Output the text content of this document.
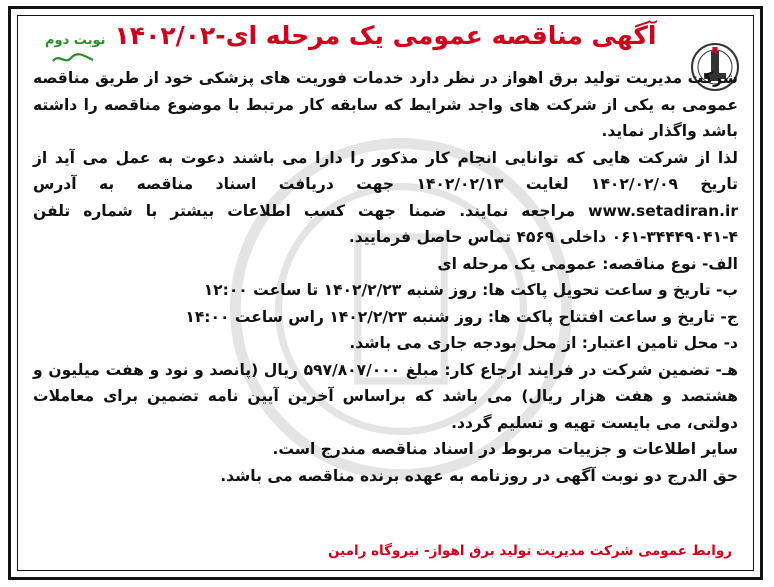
آگهی مناقصه عمومی یک مرحله ای-۱۴۰۲/۰۲
نوبت دوم

شرکت مدیریت تولید برق اهواز در نظر دارد خدمات فوریت های پزشکی خود از طریق مناقصه عمومی به یکی از شرکت های واجد شرایط که سابقه کار مرتبط با موضوع مناقصه را داشته باشد واگذار نماید.

لذا از شرکت هایی که توانایی انجام کار مذکور را دارا می باشند دعوت به عمل می آید از تاریخ ۱۴۰۲/۰۲/۰۹ لغایت ۱۴۰۲/۰۲/۱۳ جهت دریافت اسناد مناقصه به آدرس www.setadiran.ir مراجعه نمایند. ضمنا جهت کسب اطلاعات بیشتر با شماره تلفن ۴-۳۴۴۴۹۰۴۱-۰۶۱ داخلی ۴۵۶۹ تماس حاصل فرمایید.

الف- نوع مناقصه: عمومی یک مرحله ای

ب- تاریخ و ساعت تحویل پاکت ها: روز شنبه ۱۴۰۲/۲/۲۳ تا ساعت ۱۲:۰۰

ج- تاریخ و ساعت افتتاح پاکت ها: روز شنبه ۱۴۰۲/۲/۲۳ راس ساعت ۱۴:۰۰

د- محل تامین اعتبار: از محل بودجه جاری می باشد.

هـ- تضمین شرکت در فرایند ارجاع کار: مبلغ ۵۹۷/۸۰۷/۰۰۰ ریال (پانصد و نود و هفت میلیون و هشتصد و هفت هزار ریال) می باشد که براساس آخرین آیین نامه تضمین برای معاملات دولتی، می بایست تهیه و تسلیم گردد.

سایر اطلاعات و جزییات مربوط در اسناد مناقصه مندرج است.

حق الدرج دو نوبت آگهی در روزنامه به عهده برنده مناقصه می باشد.

روابط عمومی شرکت مدیریت تولید برق اهواز- نیروگاه رامین
